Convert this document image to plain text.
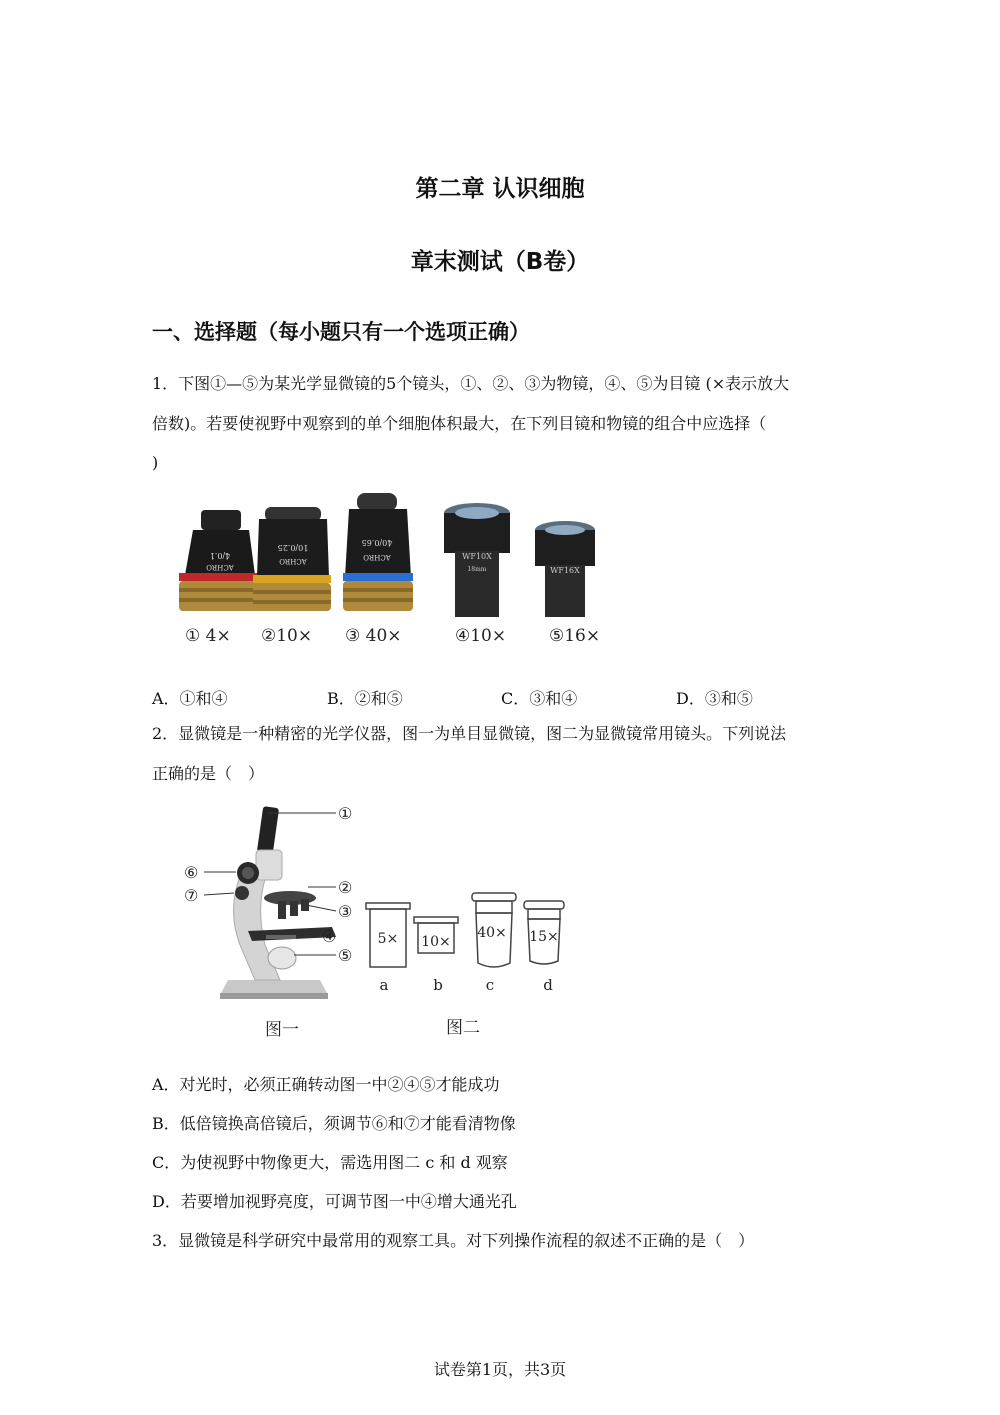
第二章 认识细胞
章末测试（B卷）
一、选择题（每小题只有一个选项正确）
1．下图①—⑤为某光学显微镜的5个镜头，①、②、③为物镜，④、⑤为目镜 (×表示放大
倍数)。若要使视野中观察到的单个细胞体积最大，在下列目镜和物镜的组合中应选择（
)
4/0.1
ACHRO
10/0.25
ACHRO
40/0.65
ACHRO	WF10X
18mm	WF16X
① 4× ②10× ③ 40×	④10×	⑤16×
A．①和④	B．②和⑤	C．③和④	D．③和⑤
2．显微镜是一种精密的光学仪器，图一为单目显微镜，图二为显微镜常用镜头。下列说法
正确的是（　）
①
②
③
④
⑤
⑥
⑦
图一
5×
a
10×
b
40×
c
15×
d
图二
A．对光时，必须正确转动图一中②④⑤才能成功
B．低倍镜换高倍镜后，须调节⑥和⑦才能看清物像
C．为使视野中物像更大，需选用图二 c 和 d 观察
D．若要增加视野亮度，可调节图一中④增大通光孔
3．显微镜是科学研究中最常用的观察工具。对下列操作流程的叙述不正确的是（　）
试卷第1页，共3页
